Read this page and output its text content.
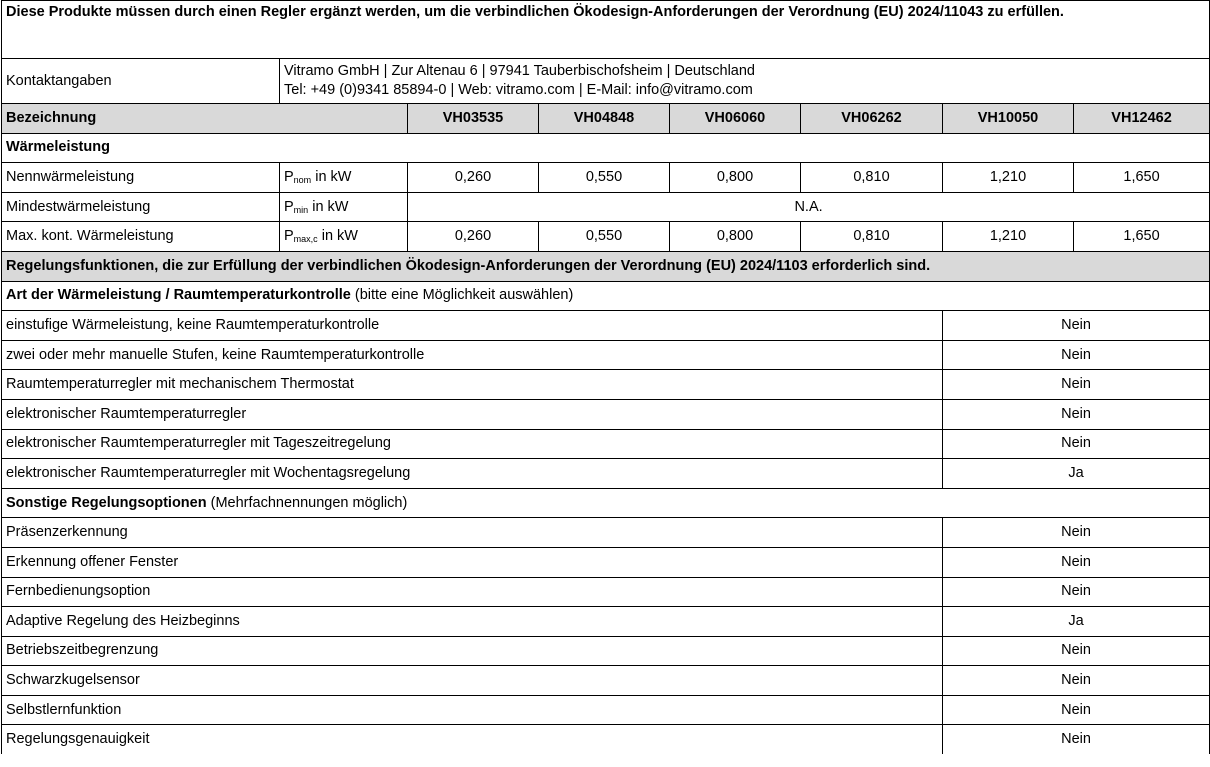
Diese Produkte müssen durch einen Regler ergänzt werden, um die verbindlichen Ökodesign-Anforderungen der Verordnung (EU) 2024/11043 zu erfüllen.							
Kontaktangaben	Vitramo GmbH | Zur Altenau 6 | 97941 Tauberbischofsheim | Deutschland
Tel: +49 (0)9341 85894-0 | Web: vitramo.com | E-Mail: info@vitramo.com						

Bezeichnung		VH03535	VH04848	VH06060	VH06262	VH10050	VH12462
Wärmeleistung							
Nennwärmeleistung	$P_{nom}$ in kW	0,260	0,550	0,800	0,810	1,210	1,650
Mindestwärmeleistung	$P_{min}$ in kW	N.A.					
Max. kont. Wärmeleistung	$P_{max,c}$ in kW	0,260	0,550	0,800	0,810	1,210	1,650
Regelungsfunktionen, die zur Erfüllung der verbindlichen Ökodesign-Anforderungen der Verordnung (EU) 2024/1103 erforderlich sind.							
Art der Wärmeleistung / Raumtemperaturkontrolle (bitte eine Möglichkeit auswählen)							
einstufige Wärmeleistung, keine Raumtemperaturkontrolle						Nein	
zwei oder mehr manuelle Stufen, keine Raumtemperaturkontrolle						Nein	
Raumtemperaturregler mit mechanischem Thermostat						Nein	
elektronischer Raumtemperaturregler						Nein	
elektronischer Raumtemperaturregler mit Tageszeitregelung						Nein	
elektronischer Raumtemperaturregler mit Wochentagsregelung						Ja	
Sonstige Regelungsoptionen (Mehrfachnennungen möglich)							
Präsenzerkennung						Nein	
Erkennung offener Fenster						Nein	
Fernbedienungsoption						Nein	
Adaptive Regelung des Heizbeginns						Ja	
Betriebszeitbegrenzung						Nein	
Schwarzkugelsensor						Nein	
Selbstlernfunktion						Nein	
Regelungsgenauigkeit						Nein	
